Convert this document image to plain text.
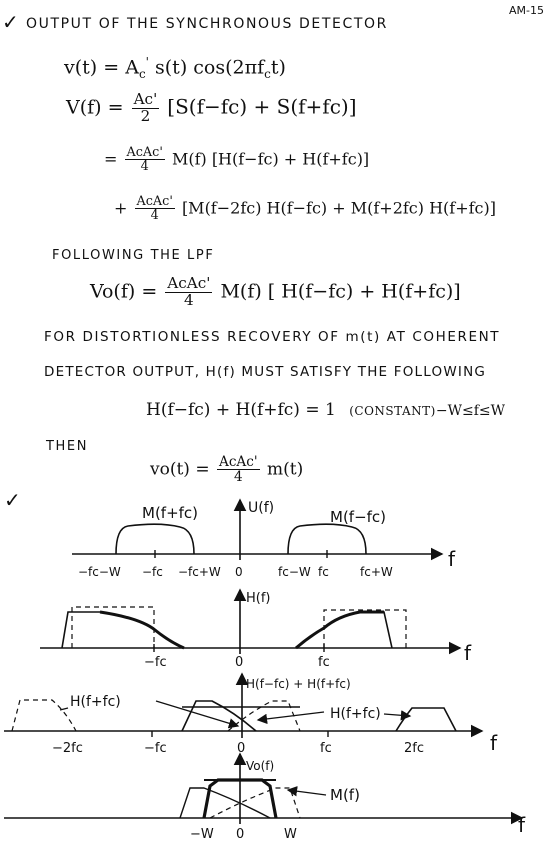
AM-15
✓ OUTPUT OF THE SYNCHRONOUS DETECTOR
$v(t) = A_c'$ s(t) $\cos(2\pi f_ct)$
$V(f) = \frac{Ac'}{2} [S(f-fc) + S(f+fc)]$
= $\frac{\text{AcAc'}}{4} M(f) [H(f-fc) + H(f+fc)]$
+ $\frac{\text{AcAc'}}{4} [M(f-2fc) H(f-fc) + M(f+2fc)$ H(f+fc)]
FOLLOWING THE LPF
$Vo(f) = \frac{\text{AcAc'}}{4} M(f)$ [ H(f−fc) + H(f+fc)]
FOR DISTORTIONLESS RECOVERY OF m(t) AT COHERENT
DETECTOR OUTPUT, H(f) MUST SATISFY THE FOLLOWING
H(f−fc) + H(f+fc) = 1 (CONSTANT)−W≤f≤W
THEN
$vo(t) = \frac{\text{AcAc'}}{4} m(t)$
✓	U(f)
f
M(f+fc)	M(f−fc)
−fc−W −fc −fc+W 0	fc−W fc	fc+W
H(f)
f
−fc	0	fc
H(f−fc) + H(f+fc)
f
H(f+fc)
H(f+fc)
−2fc	−fc	0	fc	2fc
Vo(f)
f
M(f)
−W 0	W
